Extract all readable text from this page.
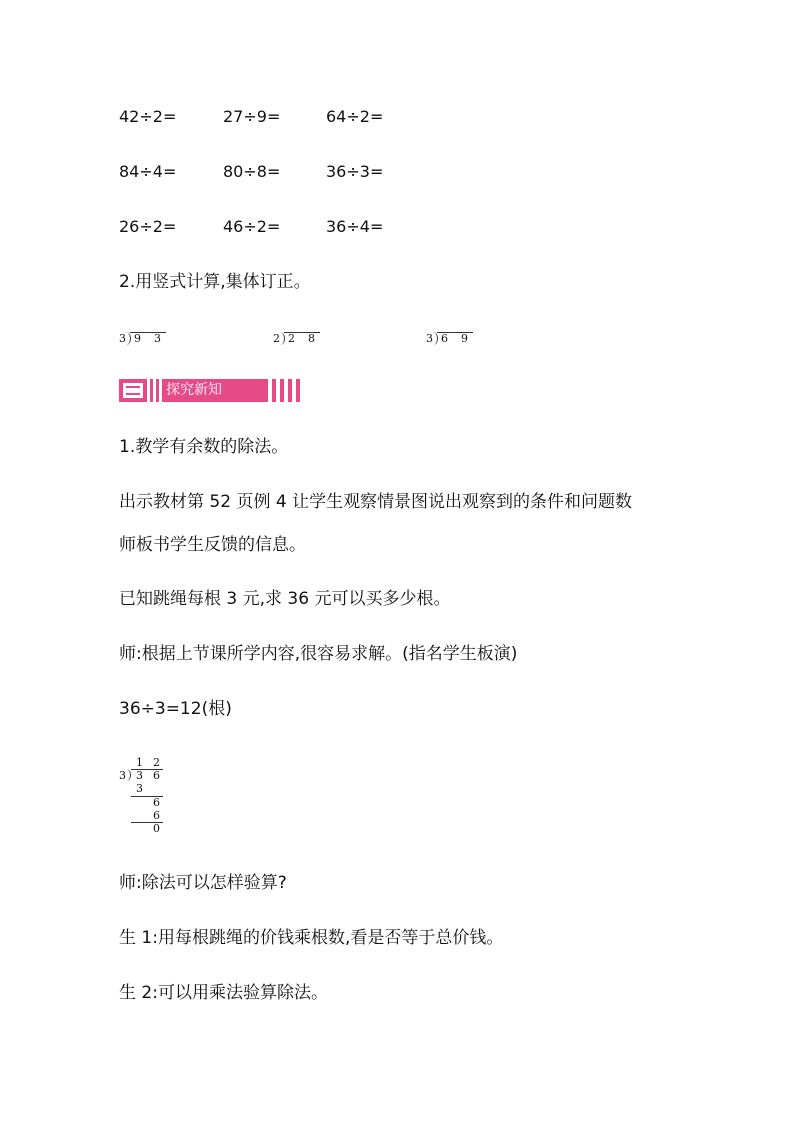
42÷2=	27÷9=	64÷2=
84÷4=	80÷8=	36÷3=
26÷2=	46÷2=	36÷4=
2.用竖式计算,集体订正。
3 9 3	2 2 8	3 6 9
探究新知
1.教学有余数的除法。
出示教材第 52 页例 4 让学生观察情景图说出观察到的条件和问题数
师板书学生反馈的信息。
已知跳绳每根 3 元,求 36 元可以买多少根。
师:根据上节课所学内容,很容易求解。(指名学生板演)
36÷3=12(根)
1 2
3 3 6
3
6
6
0
师:除法可以怎样验算?
生 1:用每根跳绳的价钱乘根数,看是否等于总价钱。
生 2:可以用乘法验算除法。
